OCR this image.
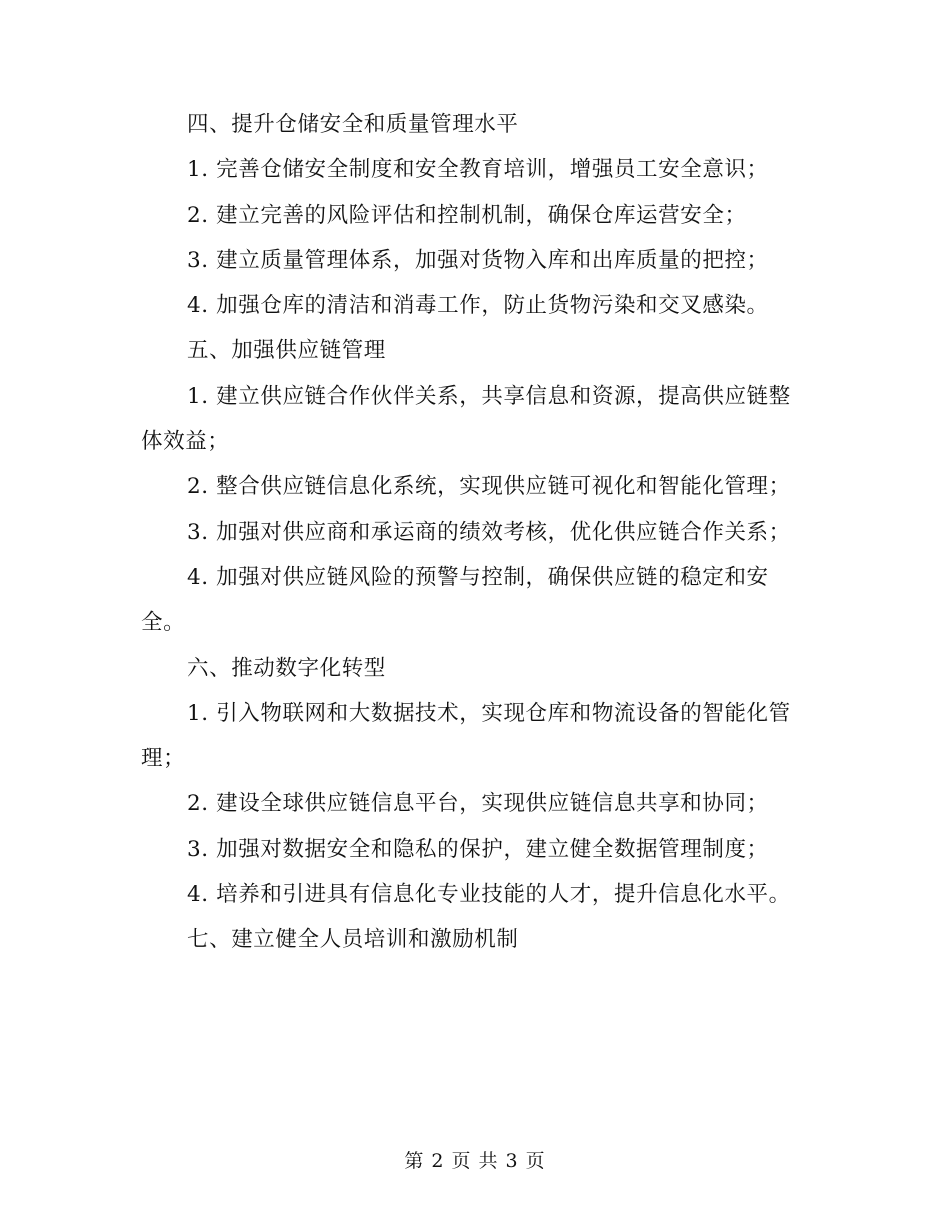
四、提升仓储安全和质量管理水平

1. 完善仓储安全制度和安全教育培训，增强员工安全意识；

2. 建立完善的风险评估和控制机制，确保仓库运营安全；

3. 建立质量管理体系，加强对货物入库和出库质量的把控；

4. 加强仓库的清洁和消毒工作，防止货物污染和交叉感染。

五、加强供应链管理

1. 建立供应链合作伙伴关系，共享信息和资源，提高供应链整体效益；

2. 整合供应链信息化系统，实现供应链可视化和智能化管理；

3. 加强对供应商和承运商的绩效考核，优化供应链合作关系；

4. 加强对供应链风险的预警与控制，确保供应链的稳定和安全。

六、推动数字化转型

1. 引入物联网和大数据技术，实现仓库和物流设备的智能化管理；

2. 建设全球供应链信息平台，实现供应链信息共享和协同；

3. 加强对数据安全和隐私的保护，建立健全数据管理制度；

4. 培养和引进具有信息化专业技能的人才，提升信息化水平。

七、建立健全人员培训和激励机制

第 2 页 共 3 页
